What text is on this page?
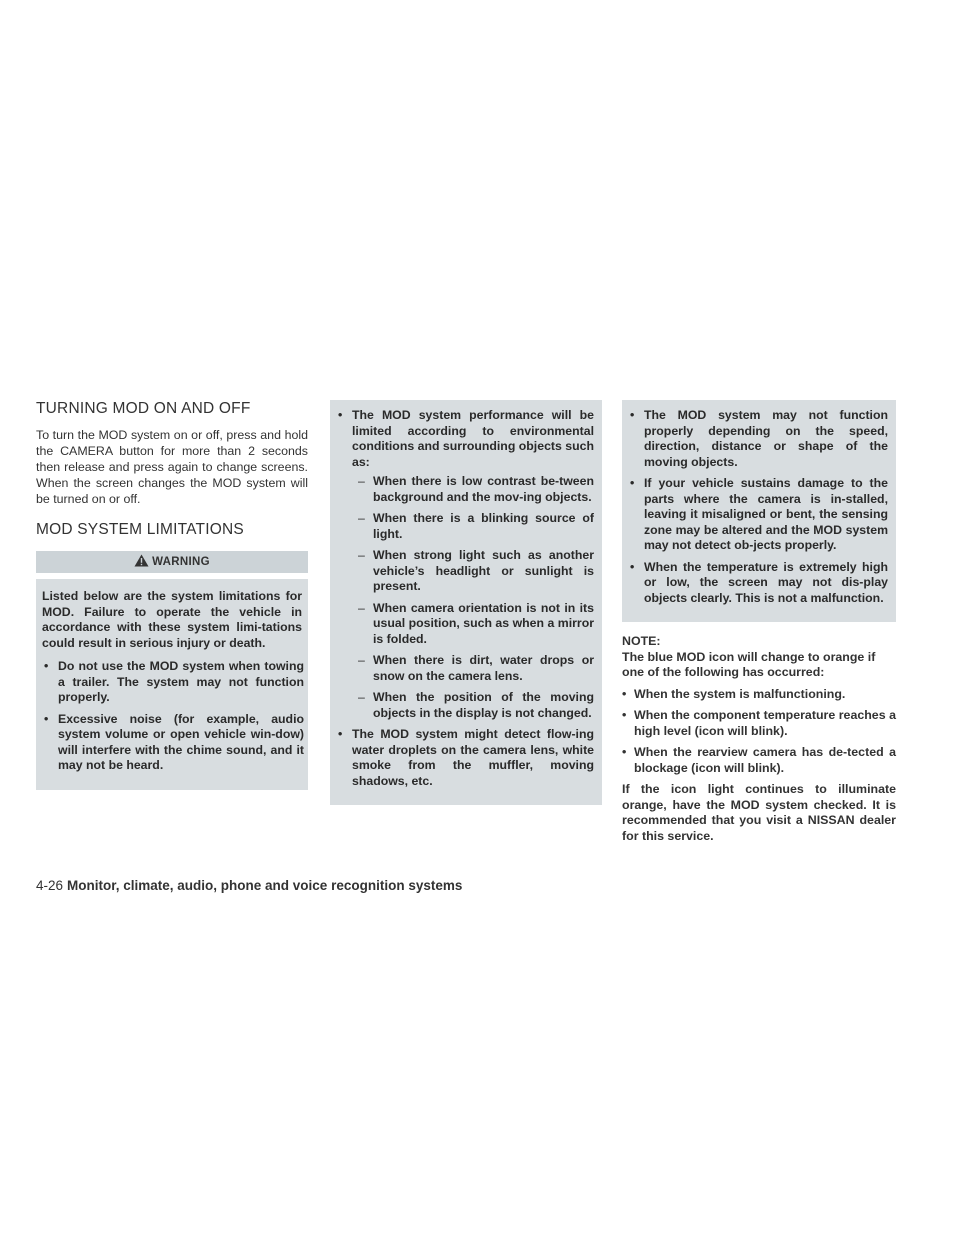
TURNING MOD ON AND OFF

To turn the MOD system on or off, press and hold the CAMERA button for more than 2 seconds then release and press again to change screens. When the screen changes the MOD system will be turned on or off.

MOD SYSTEM LIMITATIONS
WARNING

Listed below are the system limitations for MOD. Failure to operate the vehicle in accordance with these system limi-tations could result in serious injury or death.

• Do not use the MOD system when towing a trailer. The system may not function properly.
• Excessive noise (for example, audio system volume or open vehicle win-dow) will interfere with the chime sound, and it may not be heard.
• The MOD system performance will be limited according to environmental conditions and surrounding objects such as:
– When there is low contrast be-tween background and the mov-ing objects.
– When there is a blinking source of light.
– When strong light such as another vehicle’s headlight or sunlight is present.
– When camera orientation is not in its usual position, such as when a mirror is folded.
– When there is dirt, water drops or snow on the camera lens.
– When the position of the moving objects in the display is not changed.
• The MOD system might detect flow-ing water droplets on the camera lens, white smoke from the muffler, moving shadows, etc.
• The MOD system may not function properly depending on the speed, direction, distance or shape of the moving objects.
• If your vehicle sustains damage to the parts where the camera is in-stalled, leaving it misaligned or bent, the sensing zone may be altered and the MOD system may not detect ob-jects properly.
• When the temperature is extremely high or low, the screen may not dis-play objects clearly. This is not a malfunction.

NOTE:

The blue MOD icon will change to orange if one of the following has occurred:

• When the system is malfunctioning.
• When the component temperature reaches a high level (icon will blink).
• When the rearview camera has de-tected a blockage (icon will blink).

If the icon light continues to illuminate orange, have the MOD system checked. It is recommended that you visit a NISSAN dealer for this service.

4-26 Monitor, climate, audio, phone and voice recognition systems
